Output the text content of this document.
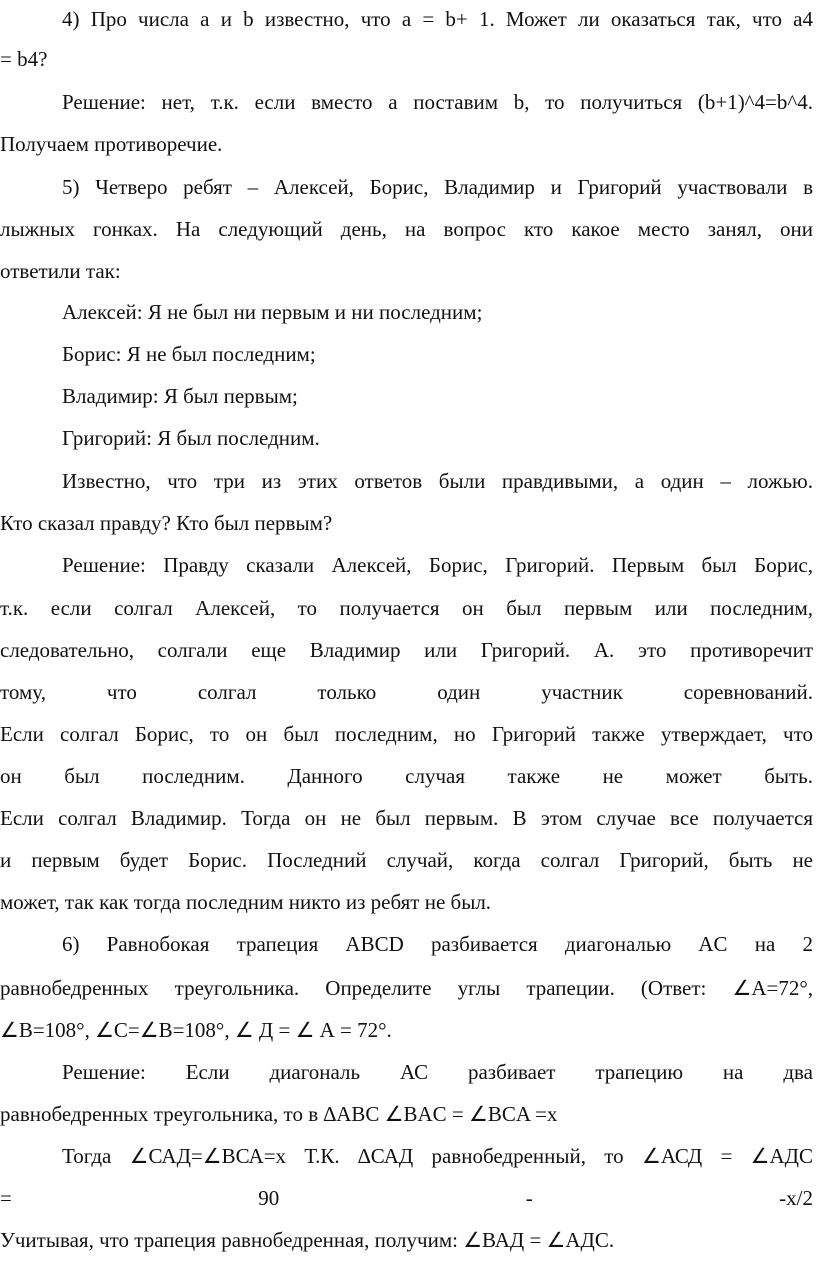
4) Про числа a и b известно, что a = b+ 1. Может ли оказаться так, что a4
= b4?
Решение: нет, т.к. если вместо а поставим b, то получиться (b+1)^4=b^4.
Получаем противоречие.
5) Четверо ребят – Алексей, Борис, Владимир и Григорий участвовали в
лыжных гонках. На следующий день, на вопрос кто какое место занял, они
ответили так:
Алексей: Я не был ни первым и ни последним;
Борис: Я не был последним;
Владимир: Я был первым;
Григорий: Я был последним.
Известно, что три из этих ответов были правдивыми, а один – ложью.
Кто сказал правду? Кто был первым?
Решение: Правду сказали Алексей, Борис, Григорий. Первым был Борис,
т.к. если солгал Алексей, то получается он был первым или последним,
следовательно, солгали еще Владимир или Григорий. А. это противоречит
тому, что солгал только один участник соревнований.
Если солгал Борис, то он был последним, но Григорий также утверждает, что
он был последним. Данного случая также не может быть.
Если солгал Владимир. Тогда он не был первым. В этом случае все получается
и первым будет Борис. Последний случай, когда солгал Григорий, быть не
может, так как тогда последним никто из ребят не был.
6) Равнобокая трапеция ABCD разбивается диагональю AC на 2
равнобедренных треугольника. Определите углы трапеции. (Ответ: ∠A=72°,
∠B=108°, ∠C=∠B=108°, ∠ Д = ∠ А = 72°.
Решение: Если диагональ АС разбивает трапецию на два
равнобедренных треугольника, то в ∆ABC ∠BAC = ∠BCA =x
Тогда ∠САД=∠ВСА=х Т.К. ∆САД равнобедренный, то ∠АСД = ∠АДС
= 90 - -x/2
Учитывая, что трапеция равнобедренная, получим: ∠ВАД = ∠АДС.
